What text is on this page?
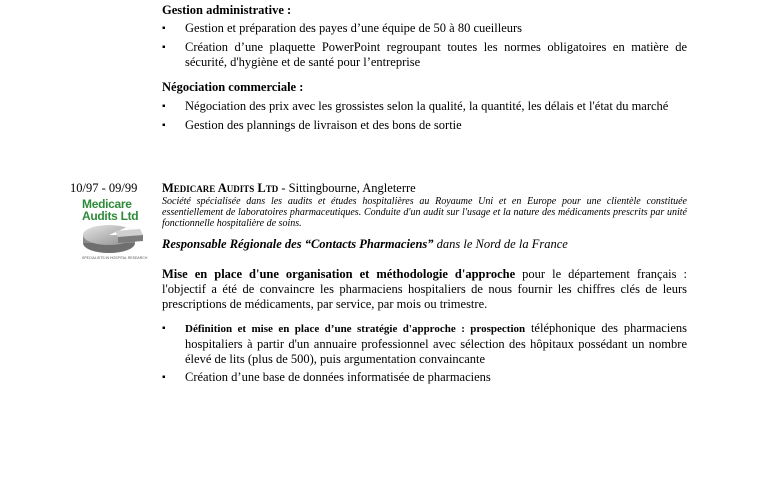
Gestion administrative :
▪ Gestion et préparation des payes d’une équipe de 50 à 80 cueilleurs
▪ Création d’une plaquette PowerPoint regroupant toutes les normes obligatoires en matière de sécurité, d'hygiène et de santé pour l’entreprise
Négociation commerciale :
▪ Négociation des prix avec les grossistes selon la qualité, la quantité, les délais et l'état du marché
▪ Gestion des plannings de livraison et des bons de sortie
10/97 - 09/99
Medicare
Audits Ltd
SPECIALISTS IN HOSPITAL RESEARCH
Medicare Audits Ltd - Sittingbourne, Angleterre
Société spécialisée dans les audits et études hospitalières au Royaume Uni et en Europe pour une clientèle constituée essentiellement de laboratoires pharmaceutiques. Conduite d'un audit sur l'usage et la nature des médicaments prescrits par unité fonctionnelle hospitalière de soins.
Responsable Régionale des “Contacts Pharmaciens” dans le Nord de la France
Mise en place d'une organisation et méthodologie d'approche pour le département français : l'objectif a été de convaincre les pharmaciens hospitaliers de nous fournir les chiffres clés de leurs prescriptions de médicaments, par service, par mois ou trimestre.
▪ Définition et mise en place d’une stratégie d'approche : prospection téléphonique des pharmaciens hospitaliers à partir d'un annuaire professionnel avec sélection des hôpitaux possédant un nombre élevé de lits (plus de 500), puis argumentation convaincante
▪ Création d’une base de données informatisée de pharmaciens
